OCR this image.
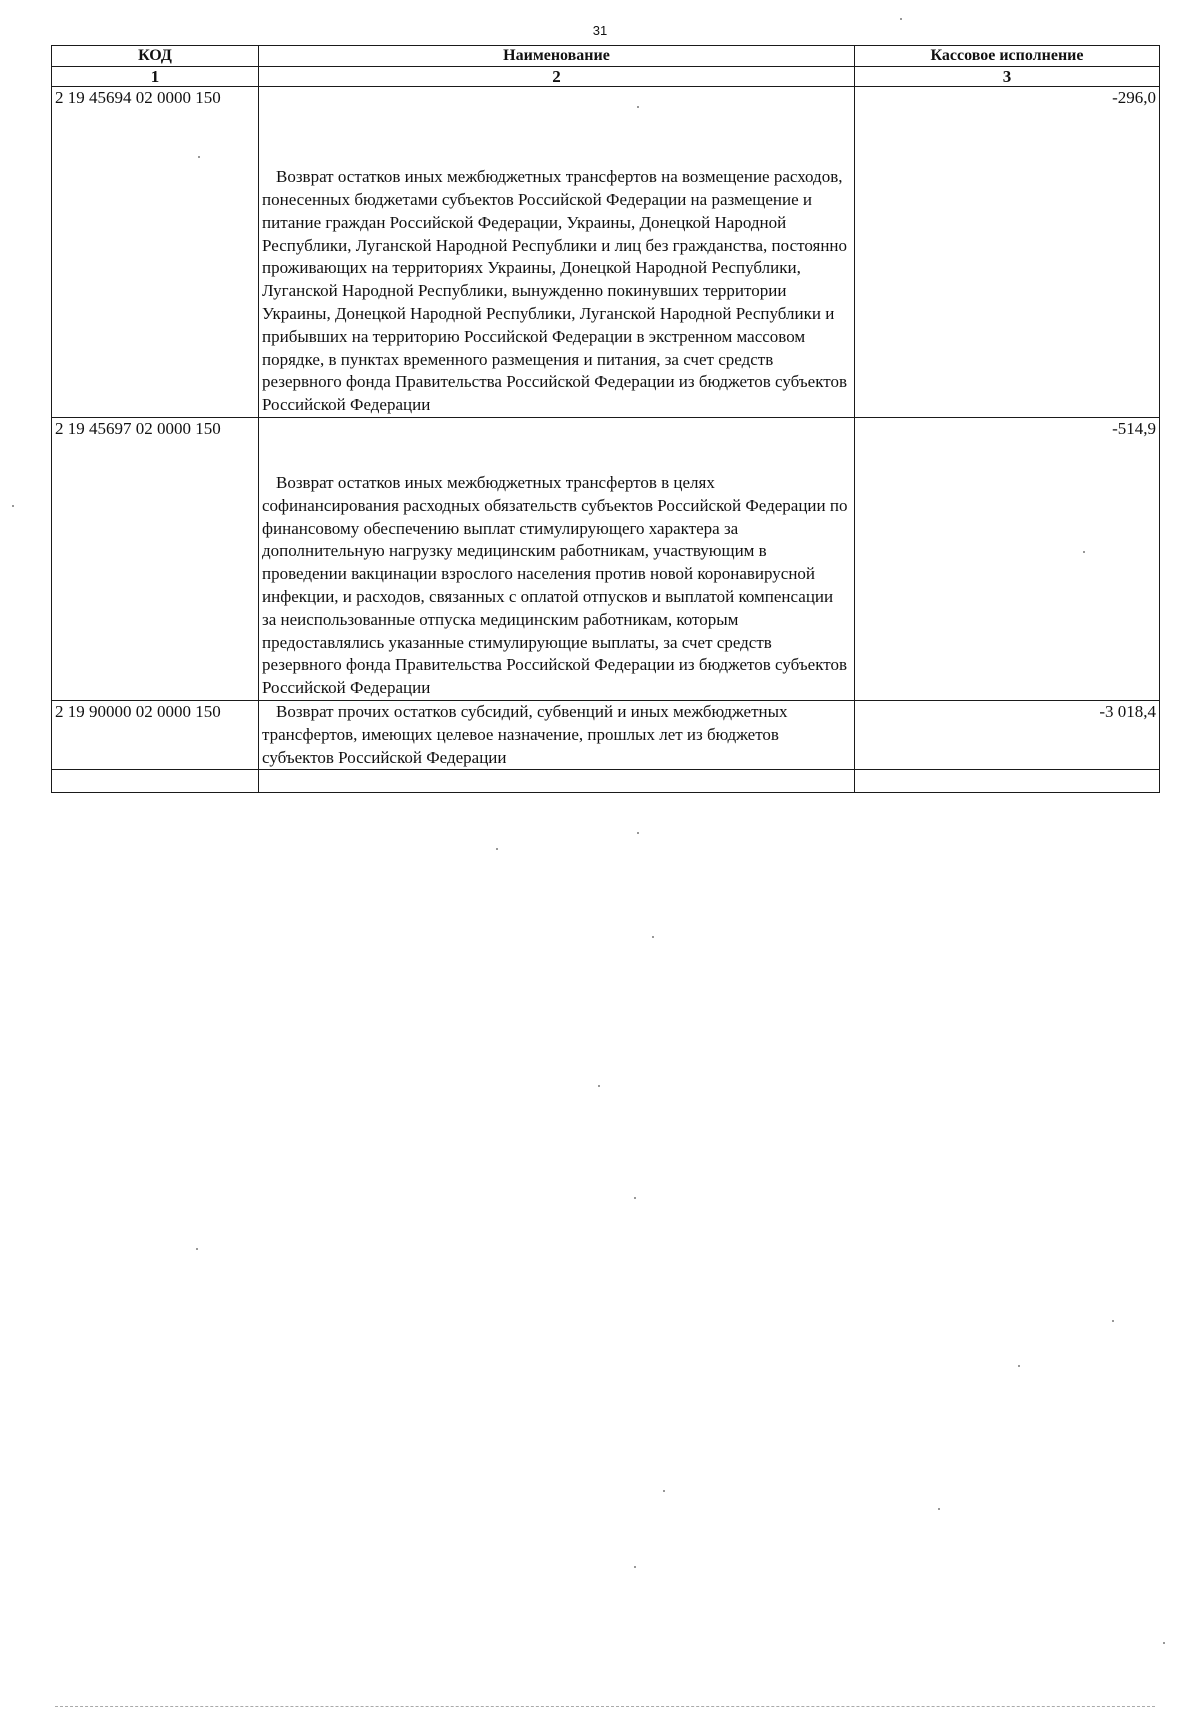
31
КОД	Наименование	Кассовое исполнение
1	2	3
2 19 45694 02 0000 150	Возврат остатков иных межбюджетных трансфертов на возмещение расходов, понесенных бюджетами субъектов Российской Федерации на размещение и питание граждан Российской Федерации, Украины, Донецкой Народной Республики, Луганской Народной Республики и лиц без гражданства, постоянно проживающих на территориях Украины, Донецкой Народной Республики, Луганской Народной Республики, вынужденно покинувших территории Украины, Донецкой Народной Республики, Луганской Народной Республики и прибывших на территорию Российской Федерации в экстренном массовом порядке, в пунктах временного размещения и питания, за счет средств резервного фонда Правительства Российской Федерации из бюджетов субъектов Российской Федерации	-296,0
2 19 45697 02 0000 150	Возврат остатков иных межбюджетных трансфертов в целях софинансирования расходных обязательств субъектов Российской Федерации по финансовому обеспечению выплат стимулирующего характера за дополнительную нагрузку медицинским работникам, участвующим в проведении вакцинации взрослого населения против новой коронавирусной инфекции, и расходов, связанных с оплатой отпусков и выплатой компенсации за неиспользованные отпуска медицинским работникам, которым предоставлялись указанные стимулирующие выплаты, за счет средств резервного фонда Правительства Российской Федерации из бюджетов субъектов Российской Федерации	-514,9
2 19 90000 02 0000 150	Возврат прочих остатков субсидий, субвенций и иных межбюджетных трансфертов, имеющих целевое назначение, прошлых лет из бюджетов субъектов Российской Федерации	-3 018,4
